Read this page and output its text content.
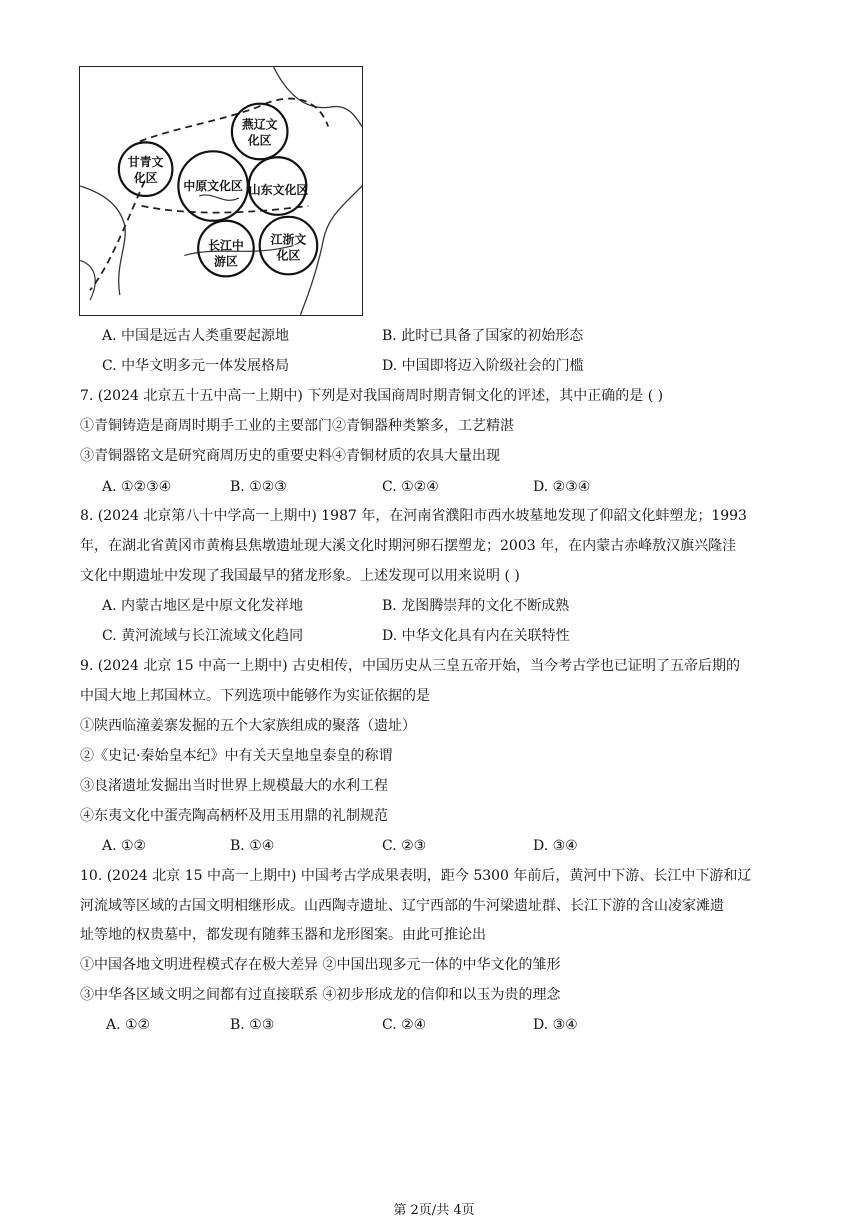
燕辽文
化区
甘青文
化区
中原文化区 山东文化区
长江中
游区
江浙文
化区
A. 中国是远古人类重要起源地	B. 此时已具备了国家的初始形态
C. 中华文明多元一体发展格局	D. 中国即将迈入阶级社会的门槛
7. (2024 北京五十五中高一上期中) 下列是对我国商周时期青铜文化的评述，其中正确的是 ( )
①青铜铸造是商周时期手工业的主要部门②青铜器种类繁多，工艺精湛
③青铜器铭文是研究商周历史的重要史料④青铜材质的农具大量出现
A. ①②③④	B. ①②③	C. ①②④	D. ②③④
8. (2024 北京第八十中学高一上期中) 1987 年，在河南省濮阳市西水坡墓地发现了仰韶文化蚌塑龙；1993
年，在湖北省黄冈市黄梅县焦墩遗址现大溪文化时期河卵石摆塑龙；2003 年，在内蒙古赤峰敖汉旗兴隆洼
文化中期遗址中发现了我国最早的猪龙形象。上述发现可以用来说明 ( )
A. 内蒙古地区是中原文化发祥地	B. 龙图腾崇拜的文化不断成熟
C. 黄河流域与长江流域文化趋同	D. 中华文化具有内在关联特性
9. (2024 北京 15 中高一上期中) 古史相传，中国历史从三皇五帝开始，当今考古学也已证明了五帝后期的
中国大地上邦国林立。下列选项中能够作为实证依据的是
①陕西临潼姜寨发掘的五个大家族组成的聚落（遗址）
②《史记·秦始皇本纪》中有关天皇地皇泰皇的称谓
③良渚遗址发掘出当时世界上规模最大的水利工程
④东夷文化中蛋壳陶高柄杯及用玉用鼎的礼制规范
A. ①②	B. ①④	C. ②③	D. ③④
10. (2024 北京 15 中高一上期中) 中国考古学成果表明，距今 5300 年前后，黄河中下游、长江中下游和辽
河流域等区域的古国文明相继形成。山西陶寺遗址、辽宁西部的牛河梁遗址群、长江下游的含山凌家滩遗
址等地的权贵墓中，都发现有随葬玉器和龙形图案。由此可推论出
①中国各地文明进程模式存在极大差异 ②中国出现多元一体的中华文化的雏形
③中华各区域文明之间都有过直接联系 ④初步形成龙的信仰和以玉为贵的理念
A. ①②	B. ①③	C. ②④	D. ③④
第 2页/共 4页
